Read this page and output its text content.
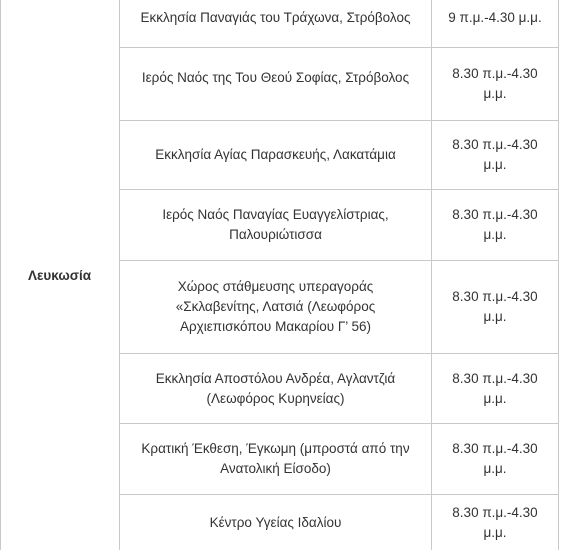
Λευκωσία
Εκκλησία Παναγιάς του Τράχωνα, Στρόβολος	9 π.μ.-4.30 μ.μ.
Ιερός Ναός της Του Θεού Σοφίας, Στρόβολος	8.30 π.μ.-4.30 μ.μ.
Εκκλησία Αγίας Παρασκευής, Λακατάμια
8.30 π.μ.-4.30 μ.μ.
Ιερός Ναός Παναγίας Ευαγγελίστριας, Παλουριώτισσα
8.30 π.μ.-4.30 μ.μ.
Χώρος στάθμευσης υπεραγοράς «Σκλαβενίτης, Λατσιά (Λεωφόρος Αρχιεπισκόπου Μακαρίου Γ’ 56)
8.30 π.μ.-4.30 μ.μ.
Εκκλησία Αποστόλου Ανδρέα, Αγλαντζιά (Λεωφόρος Κυρηνείας)
8.30 π.μ.-4.30 μ.μ.
Κρατική Έκθεση, Έγκωμη (μπροστά από την Ανατολική Είσοδο)
8.30 π.μ.-4.30 μ.μ.
Κέντρο Υγείας Ιδαλίου
8.30 π.μ.-4.30 μ.μ.
